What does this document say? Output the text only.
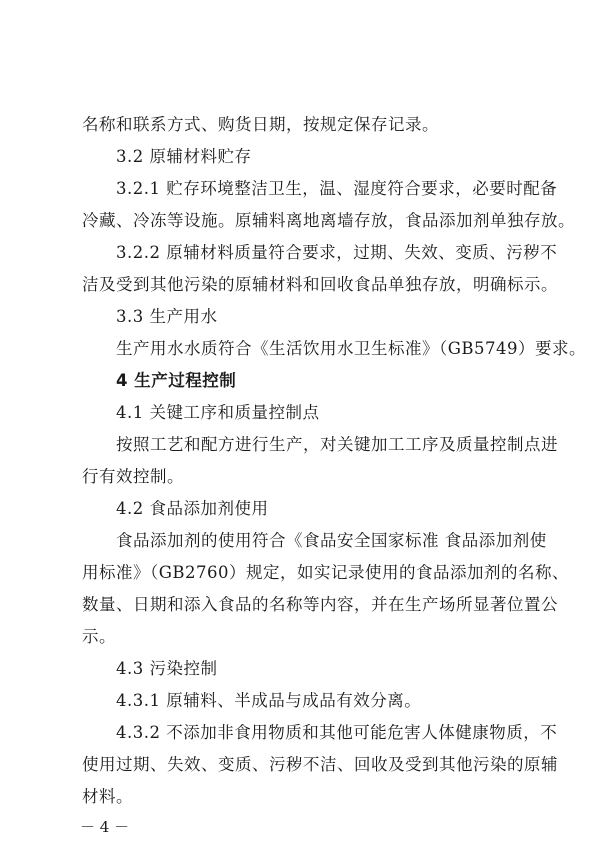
名称和联系方式、购货日期，按规定保存记录。
3.2 原辅材料贮存
3.2.1 贮存环境整洁卫生，温、湿度符合要求，必要时配备
冷藏、冷冻等设施。原辅料离地离墙存放，食品添加剂单独存放。
3.2.2 原辅材料质量符合要求，过期、失效、变质、污秽不
洁及受到其他污染的原辅材料和回收食品单独存放，明确标示。
3.3 生产用水
生产用水水质符合《生活饮用水卫生标准》（GB5749）要求。
4 生产过程控制
4.1 关键工序和质量控制点
按照工艺和配方进行生产，对关键加工工序及质量控制点进
行有效控制。
4.2 食品添加剂使用
食品添加剂的使用符合《食品安全国家标准 食品添加剂使
用标准》（GB2760）规定，如实记录使用的食品添加剂的名称、
数量、日期和添入食品的名称等内容，并在生产场所显著位置公
示。
4.3 污染控制
4.3.1 原辅料、半成品与成品有效分离。
4.3.2 不添加非食用物质和其他可能危害人体健康物质，不
使用过期、失效、变质、污秽不洁、回收及受到其他污染的原辅
材料。
－ 4 －
